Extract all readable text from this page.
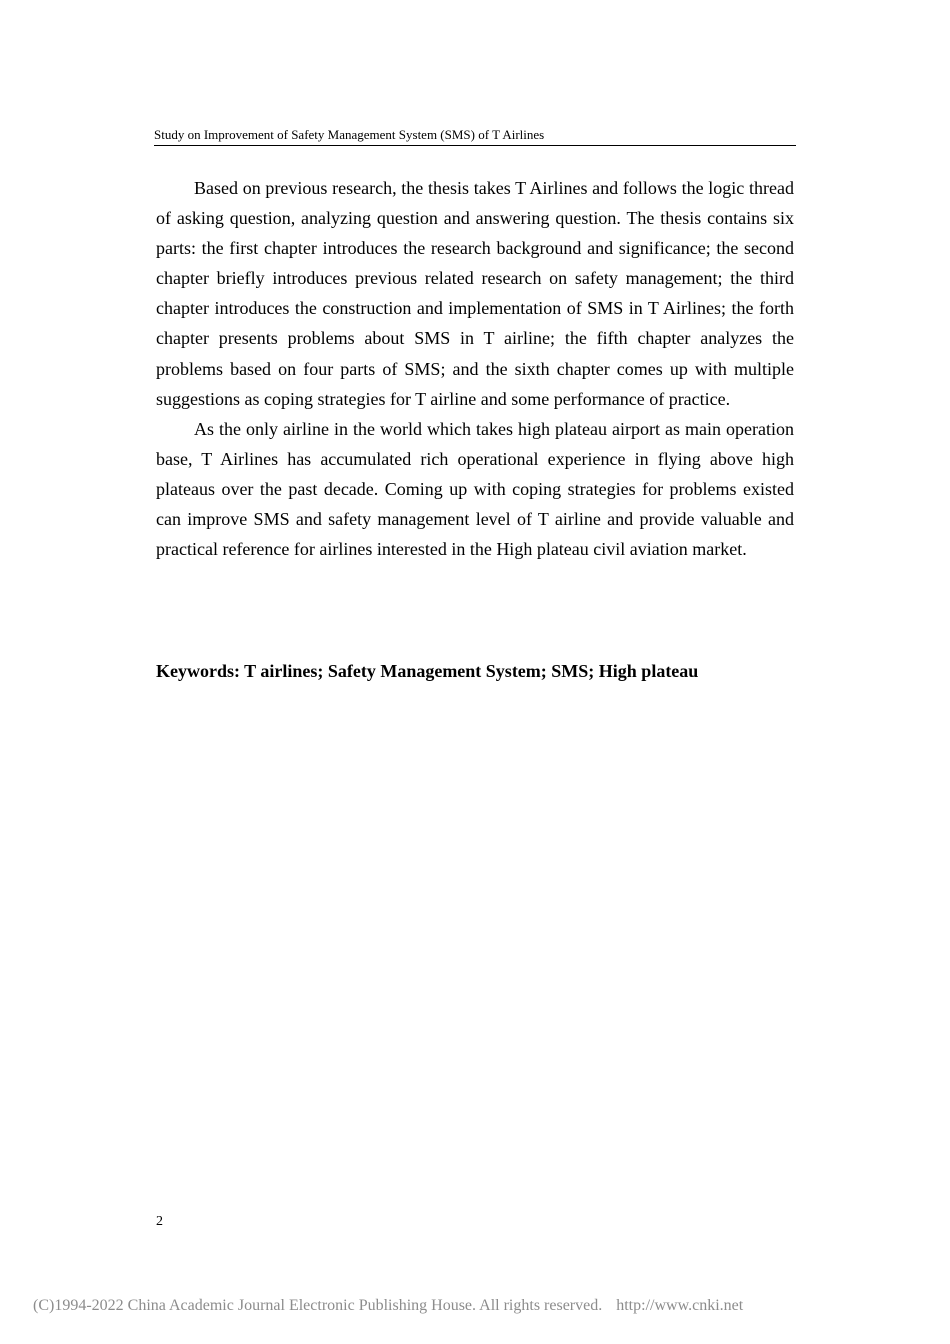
Study on Improvement of Safety Management System (SMS) of T Airlines

Based on previous research, the thesis takes T Airlines and follows the logic thread of asking question, analyzing question and answering question. The thesis contains six parts: the first chapter introduces the research background and significance; the second chapter briefly introduces previous related research on safety management; the third chapter introduces the construction and implementation of SMS in T Airlines; the forth chapter presents problems about SMS in T airline; the fifth chapter analyzes the problems based on four parts of SMS; and the sixth chapter comes up with multiple suggestions as coping strategies for T airline and some performance of practice.

As the only airline in the world which takes high plateau airport as main operation base, T Airlines has accumulated rich operational experience in flying above high plateaus over the past decade. Coming up with coping strategies for problems existed can improve SMS and safety management level of T airline and provide valuable and practical reference for airlines interested in the High plateau civil aviation market.

Keywords: T airlines; Safety Management System; SMS; High plateau
2
(C)1994-2022 China Academic Journal Electronic Publishing House. All rights reserved. http://www.cnki.net
